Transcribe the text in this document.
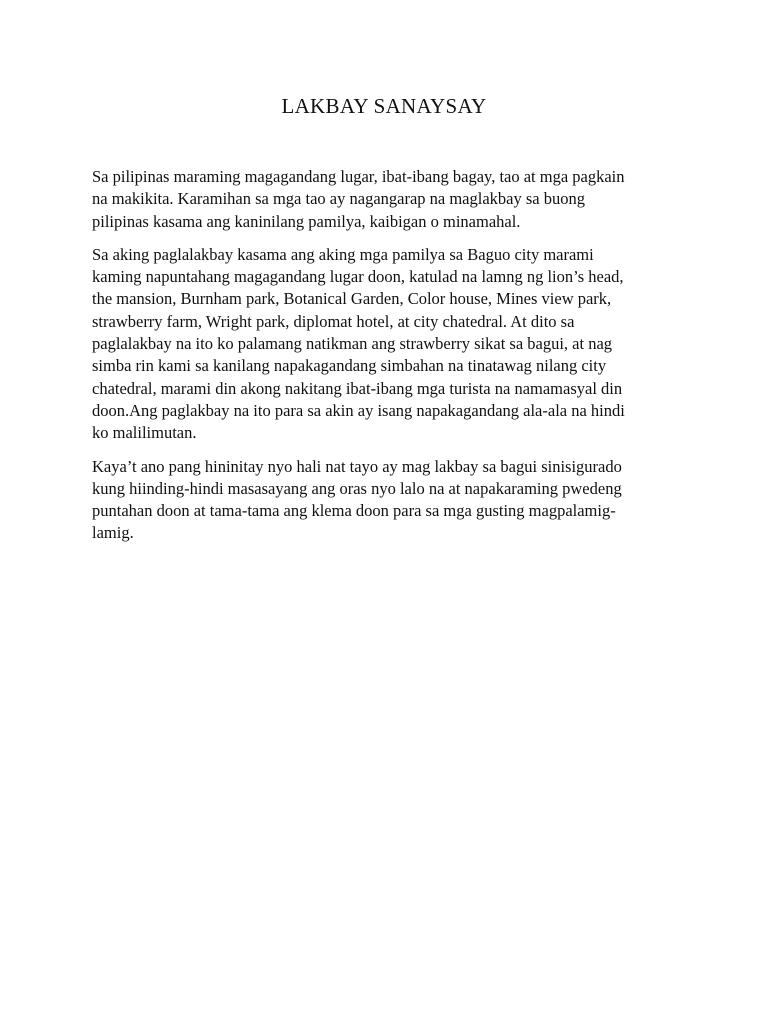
LAKBAY SANAYSAY

Sa pilipinas maraming magagandang lugar, ibat-ibang bagay, tao at mga pagkain
na makikita. Karamihan sa mga tao ay nagangarap na maglakbay sa buong
pilipinas kasama ang kaninilang pamilya, kaibigan o minamahal.

Sa aking paglalakbay kasama ang aking mga pamilya sa Baguo city marami
kaming napuntahang magagandang lugar doon, katulad na lamng ng lion’s head,
the mansion, Burnham park, Botanical Garden, Color house, Mines view park,
strawberry farm, Wright park, diplomat hotel, at city chatedral. At dito sa
paglalakbay na ito ko palamang natikman ang strawberry sikat sa bagui, at nag
simba rin kami sa kanilang napakagandang simbahan na tinatawag nilang city
chatedral, marami din akong nakitang ibat-ibang mga turista na namamasyal din
doon.Ang paglakbay na ito para sa akin ay isang napakagandang ala-ala na hindi
ko malilimutan.

Kaya’t ano pang hininitay nyo hali nat tayo ay mag lakbay sa bagui sinisigurado
kung hiinding-hindi masasayang ang oras nyo lalo na at napakaraming pwedeng
puntahan doon at tama-tama ang klema doon para sa mga gusting magpalamig-
lamig.
